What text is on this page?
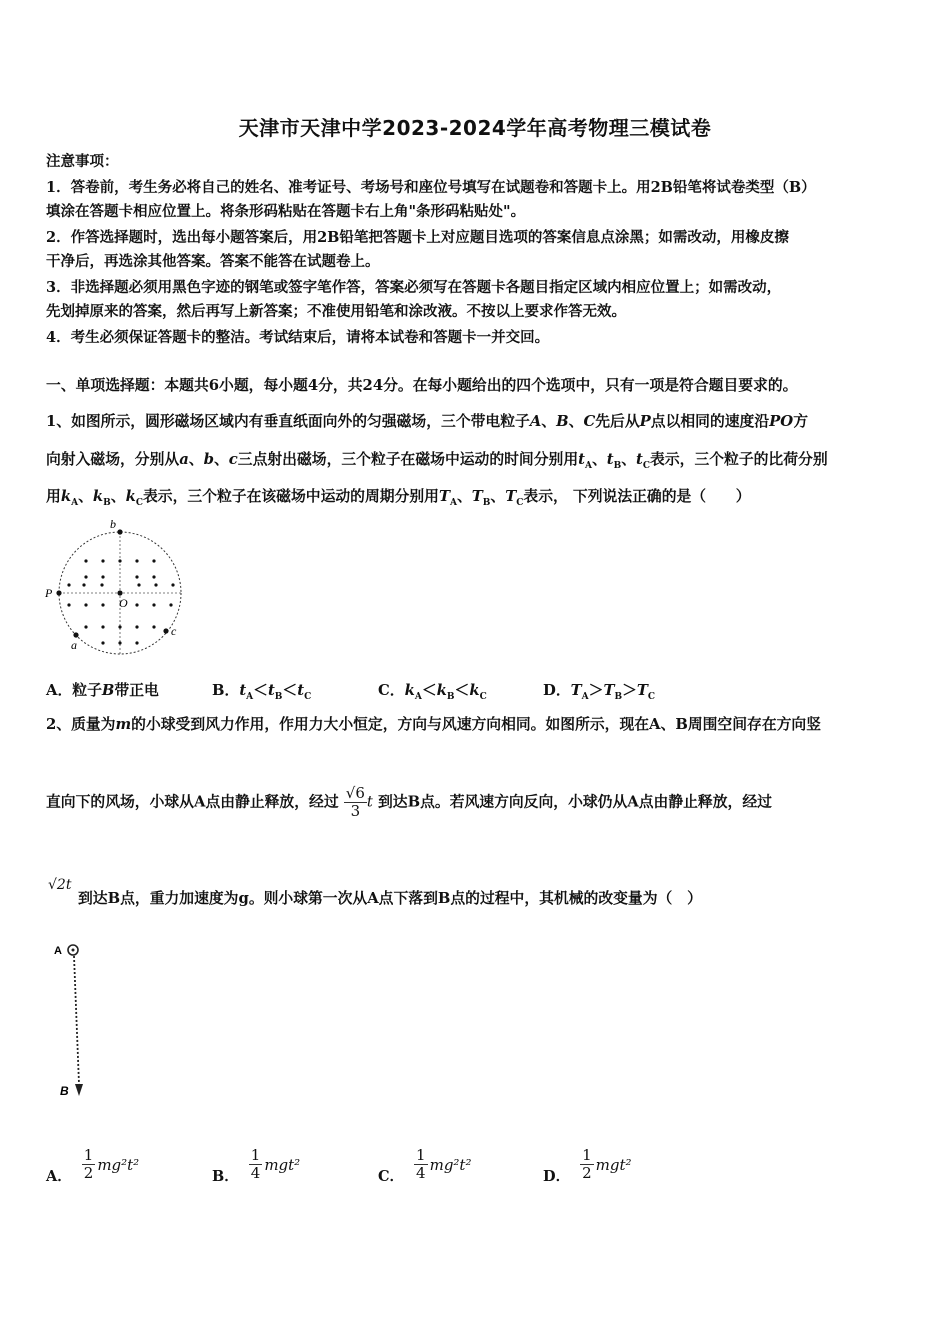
天津市天津中学2023-2024学年高考物理三模试卷
注意事项：
1．答卷前，考生务必将自己的姓名、准考证号、考场号和座位号填写在试题卷和答题卡上。用2B铅笔将试卷类型（B）
填涂在答题卡相应位置上。将条形码粘贴在答题卡右上角"条形码粘贴处"。
2．作答选择题时，选出每小题答案后，用2B铅笔把答题卡上对应题目选项的答案信息点涂黑；如需改动，用橡皮擦
干净后，再选涂其他答案。答案不能答在试题卷上。
3．非选择题必须用黑色字迹的钢笔或签字笔作答，答案必须写在答题卡各题目指定区域内相应位置上；如需改动，
先划掉原来的答案，然后再写上新答案；不准使用铅笔和涂改液。不按以上要求作答无效。
4．考生必须保证答题卡的整洁。考试结束后，请将本试卷和答题卡一并交回。
一、单项选择题：本题共6小题，每小题4分，共24分。在每小题给出的四个选项中，只有一项是符合题目要求的。
1、如图所示，圆形磁场区域内有垂直纸面向外的匀强磁场，三个带电粒子A、B、C先后从P点以相同的速度沿PO方
向射入磁场，分别从a、b、c三点射出磁场，三个粒子在磁场中运动的时间分别用$t_A$、$t_B$、$t_C$表示，三个粒子的比荷分别
用$k_A$、$k_B$、$k_C$表示，三个粒子在该磁场中运动的周期分别用$T_A$、$T_B$、$T_C$表示， 下列说法正确的是（　　）
b
P
O
c
a
A．粒子B带正电	B．$t_A<t_B<t_C$	C．$k_A<k_B<k_C$	D．$T_A>T_B>T_C$
2、质量为m的小球受到风力作用，作用力大小恒定，方向与风速方向相同。如图所示，现在A、B周围空间存在方向竖
直向下的风场，小球从A点由静止释放，经过 $\frac{√6}{3}$ t 到达B点。若风速方向反向，小球仍从A点由静止释放，经过
√2t
到达B点，重力加速度为g。则小球第一次从A点下落到B点的过程中，其机械的改变量为（　）
A
B
A． $\frac{1}{2} mg^2t^2$
B． $\frac{1}{4} mgt^2$
C． $\frac{1}{4} mg^2t^2$
D． $\frac{1}{2} mgt^2$
